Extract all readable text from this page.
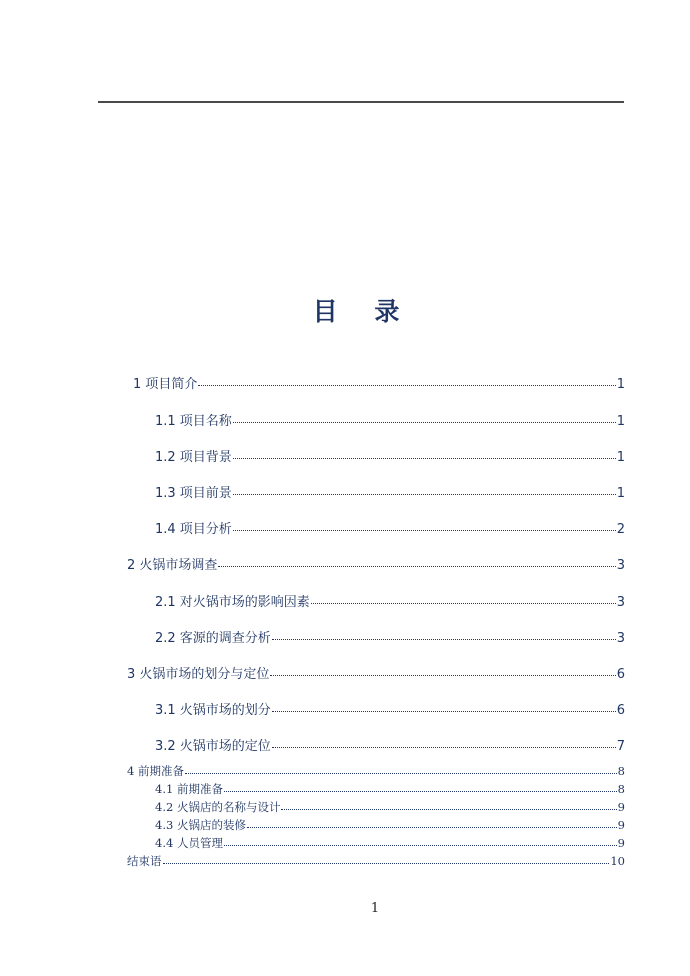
目 录
1 项目简介	1
1.1 项目名称	1
1.2 项目背景	1
1.3 项目前景	1
1.4 项目分析	2
2 火锅市场调查	3
2.1 对火锅市场的影响因素	3
2.2 客源的调查分析	3
3 火锅市场的划分与定位	6
3.1 火锅市场的划分	6
3.2 火锅市场的定位	7
4 前期准备	8
4.1 前期准备	8
4.2 火锅店的名称与设计	9
4.3 火锅店的装修	9
4.4 人员管理	9
结束语	10
1
